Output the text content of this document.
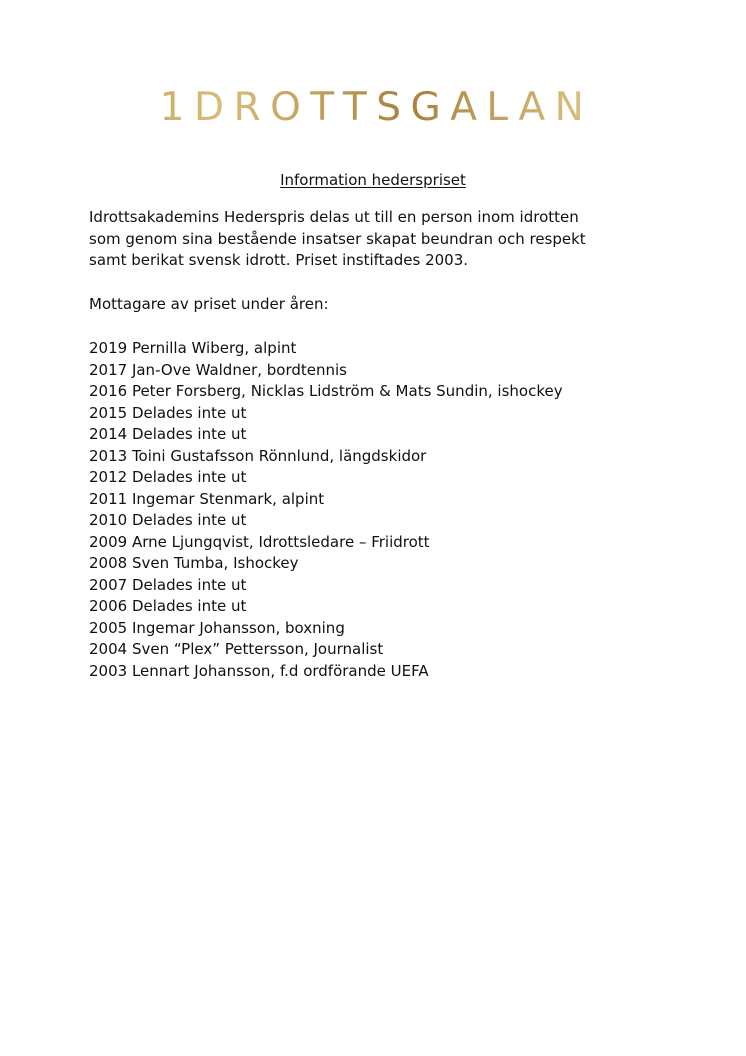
1DROTTSGALAN
Information hederspriset

Idrottsakademins Hederspris delas ut till en person inom idrotten
som genom sina bestående insatser skapat beundran och respekt
samt berikat svensk idrott. Priset instiftades 2003.

Mottagare av priset under åren:

2019 Pernilla Wiberg, alpint
2017 Jan-Ove Waldner, bordtennis
2016 Peter Forsberg, Nicklas Lidström & Mats Sundin, ishockey
2015 Delades inte ut
2014 Delades inte ut
2013 Toini Gustafsson Rönnlund, längdskidor
2012 Delades inte ut
2011 Ingemar Stenmark, alpint
2010 Delades inte ut
2009 Arne Ljungqvist, Idrottsledare – Friidrott
2008 Sven Tumba, Ishockey
2007 Delades inte ut
2006 Delades inte ut
2005 Ingemar Johansson, boxning
2004 Sven “Plex” Pettersson, Journalist
2003 Lennart Johansson, f.d ordförande UEFA
